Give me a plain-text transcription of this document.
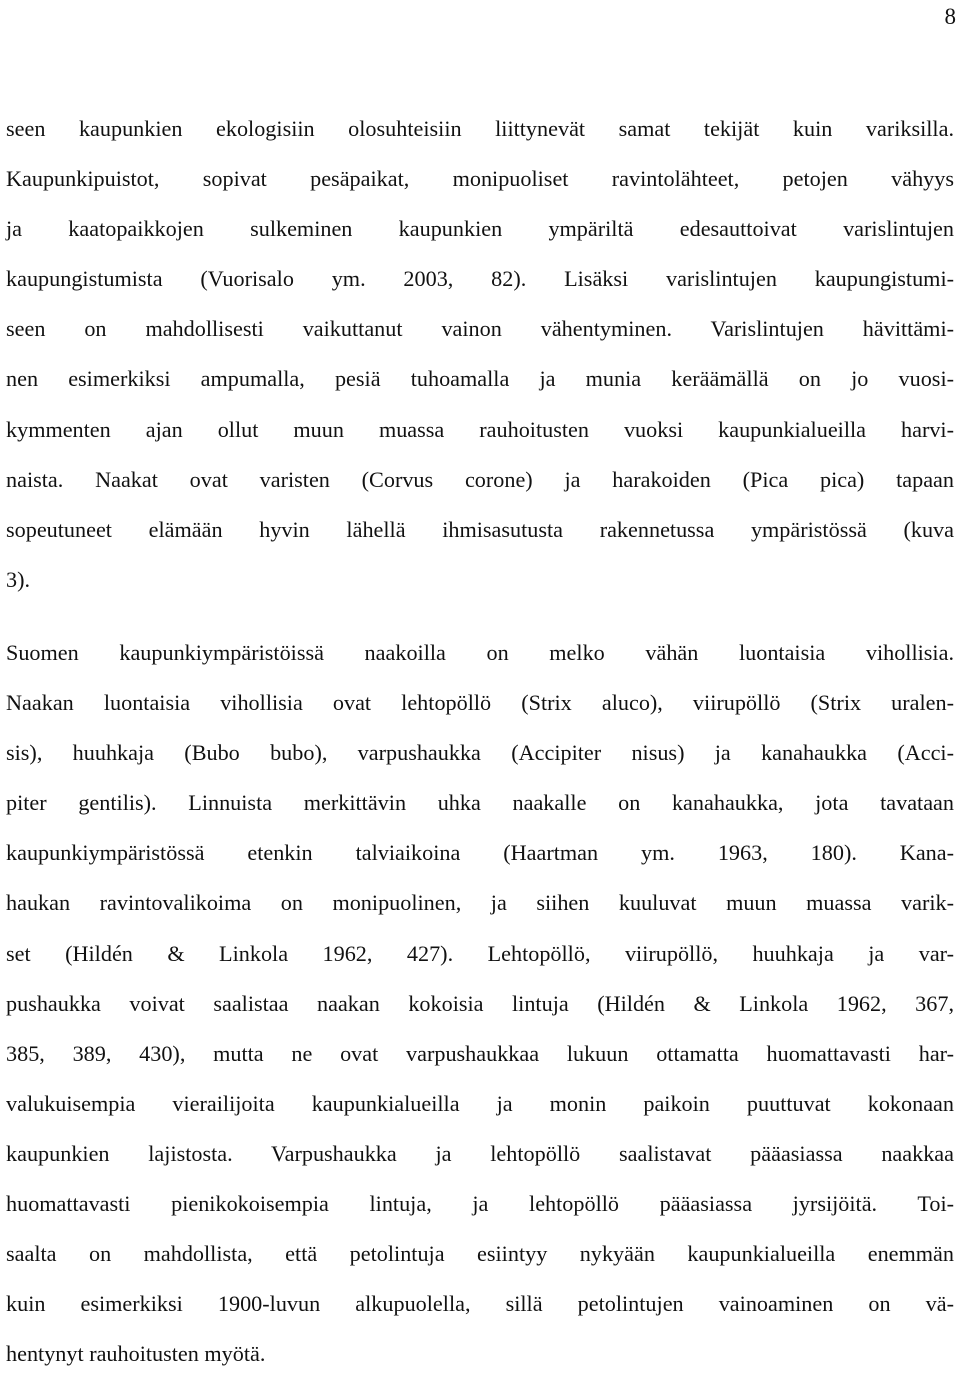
8
seen kaupunkien ekologisiin olosuhteisiin liittynevät samat tekijät kuin variksilla.
Kaupunkipuistot, sopivat pesäpaikat, monipuoliset ravintolähteet, petojen vähyys
ja kaatopaikkojen sulkeminen kaupunkien ympäriltä edesauttoivat varislintujen
kaupungistumista (Vuorisalo ym. 2003, 82). Lisäksi varislintujen kaupungistumi-
seen on mahdollisesti vaikuttanut vainon vähentyminen. Varislintujen hävittämi-
nen esimerkiksi ampumalla, pesiä tuhoamalla ja munia keräämällä on jo vuosi-
kymmenten ajan ollut muun muassa rauhoitusten vuoksi kaupunkialueilla harvi-
naista. Naakat ovat varisten (Corvus corone) ja harakoiden (Pica pica) tapaan
sopeutuneet elämään hyvin lähellä ihmisasutusta rakennetussa ympäristössä (kuva
3).
Suomen kaupunkiympäristöissä naakoilla on melko vähän luontaisia vihollisia.
Naakan luontaisia vihollisia ovat lehtopöllö (Strix aluco), viirupöllö (Strix uralen-
sis), huuhkaja (Bubo bubo), varpushaukka (Accipiter nisus) ja kanahaukka (Acci-
piter gentilis). Linnuista merkittävin uhka naakalle on kanahaukka, jota tavataan
kaupunkiympäristössä etenkin talviaikoina (Haartman ym. 1963, 180). Kana-
haukan ravintovalikoima on monipuolinen, ja siihen kuuluvat muun muassa varik-
set (Hildén & Linkola 1962, 427). Lehtopöllö, viirupöllö, huuhkaja ja var-
pushaukka voivat saalistaa naakan kokoisia lintuja (Hildén & Linkola 1962, 367,
385, 389, 430), mutta ne ovat varpushaukkaa lukuun ottamatta huomattavasti har-
valukuisempia vierailijoita kaupunkialueilla ja monin paikoin puuttuvat kokonaan
kaupunkien lajistosta. Varpushaukka ja lehtopöllö saalistavat pääasiassa naakkaa
huomattavasti pienikokoisempia lintuja, ja lehtopöllö pääasiassa jyrsijöitä. Toi-
saalta on mahdollista, että petolintuja esiintyy nykyään kaupunkialueilla enemmän
kuin esimerkiksi 1900-luvun alkupuolella, sillä petolintujen vainoaminen on vä-
hentynyt rauhoitusten myötä.
